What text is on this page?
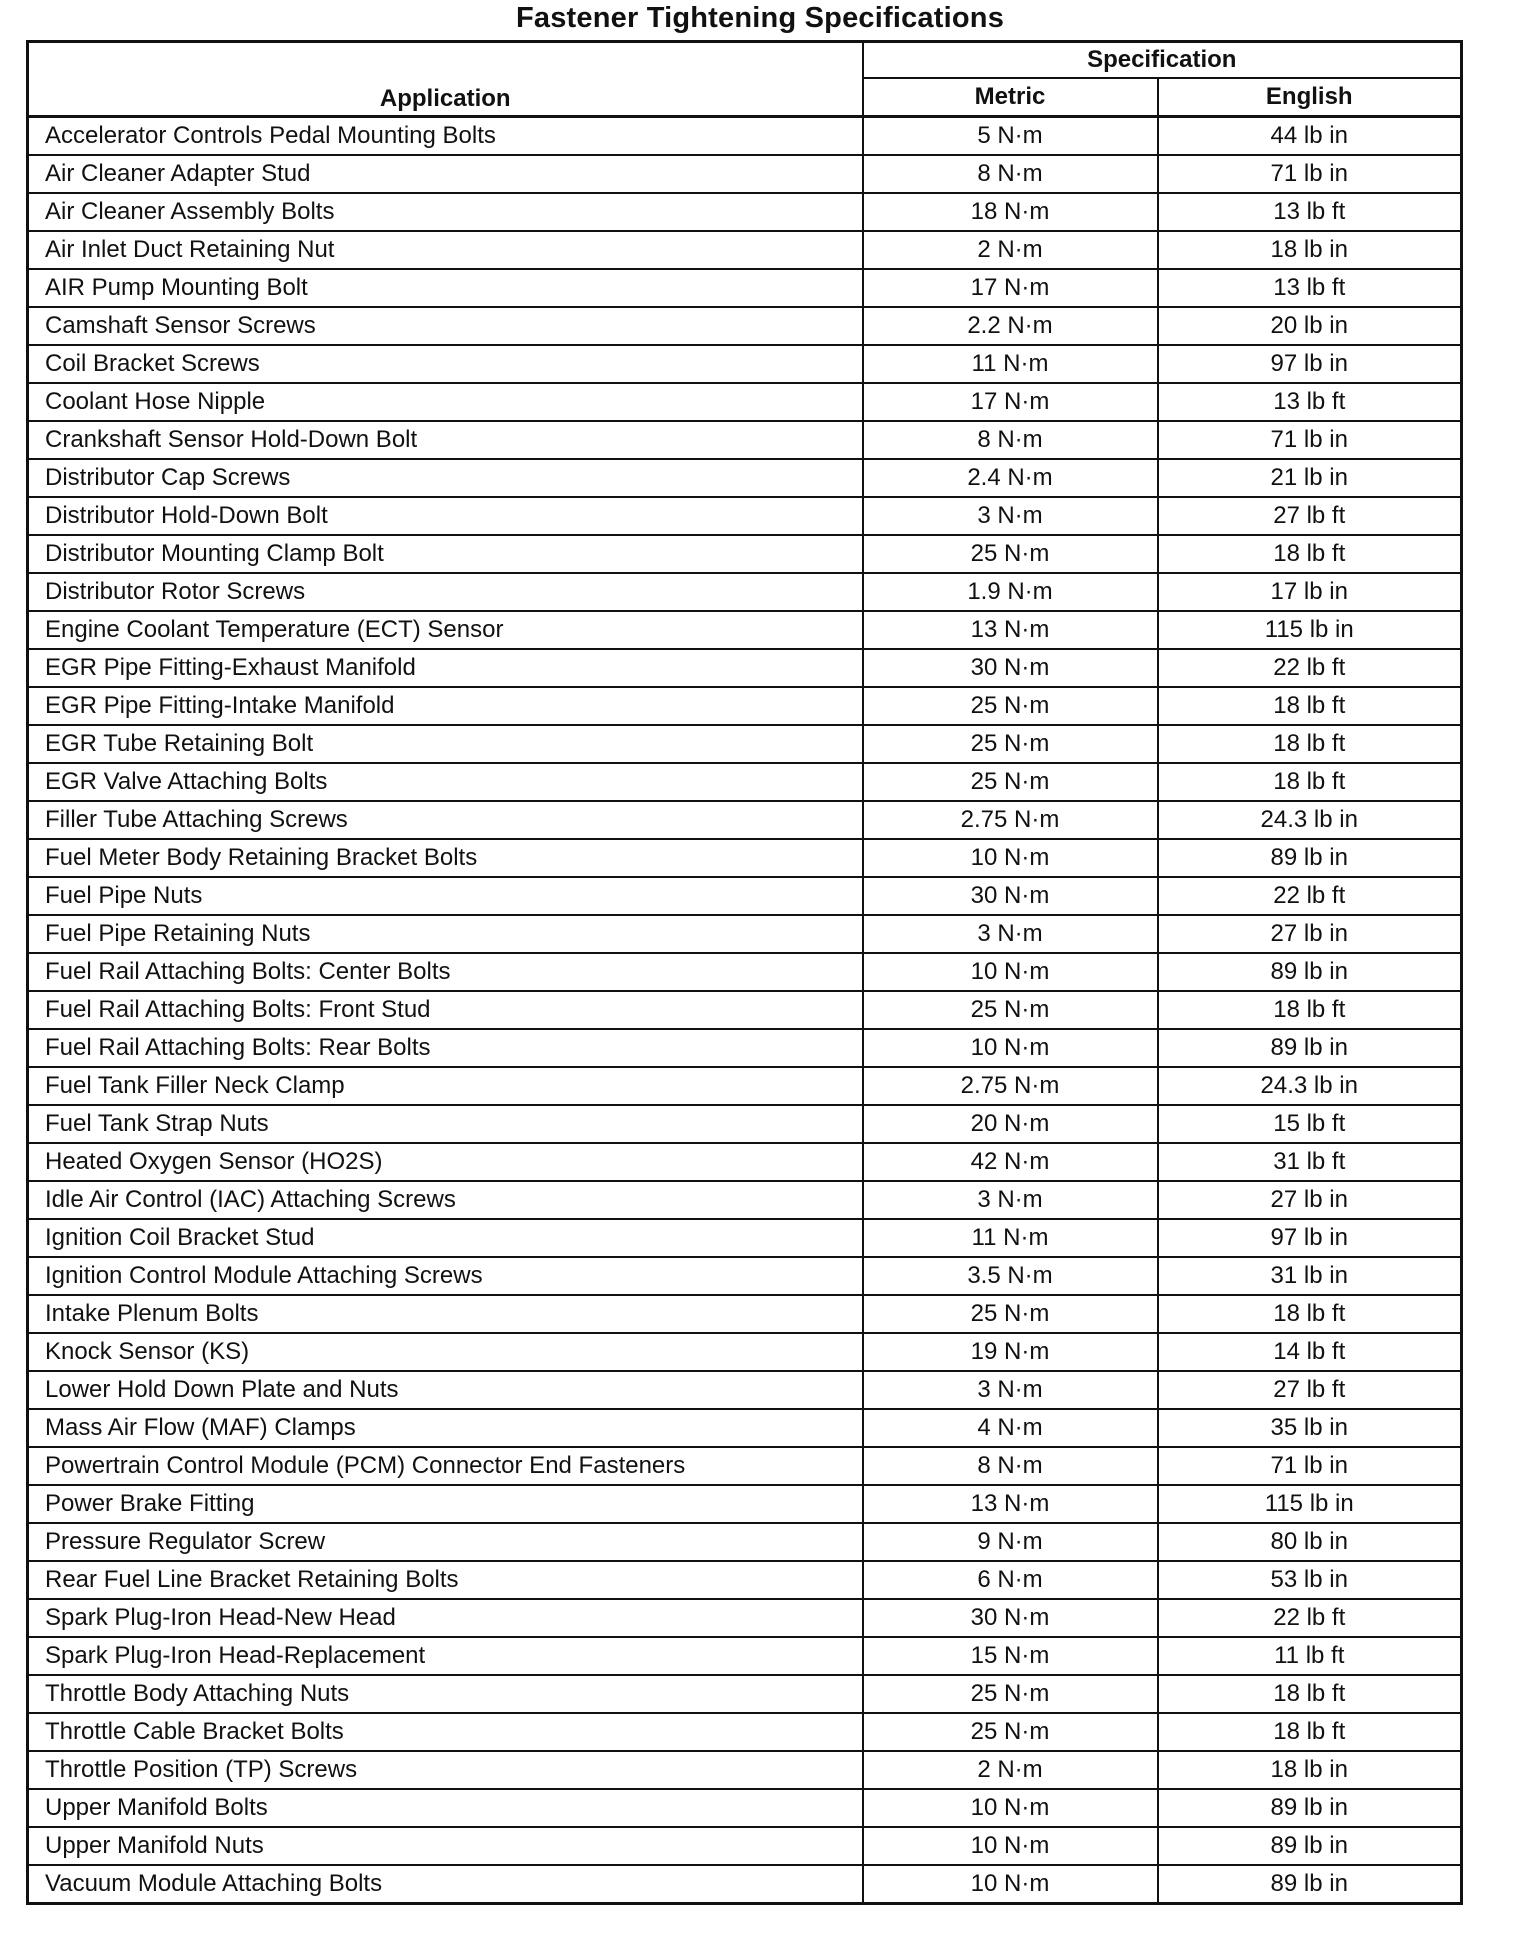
Fastener Tightening Specifications
Application	Specification	
	Metric	English
Accelerator Controls Pedal Mounting Bolts	5 N·m	44 lb in
Air Cleaner Adapter Stud	8 N·m	71 lb in
Air Cleaner Assembly Bolts	18 N·m	13 lb ft
Air Inlet Duct Retaining Nut	2 N·m	18 lb in
AIR Pump Mounting Bolt	17 N·m	13 lb ft
Camshaft Sensor Screws	2.2 N·m	20 lb in
Coil Bracket Screws	11 N·m	97 lb in
Coolant Hose Nipple	17 N·m	13 lb ft
Crankshaft Sensor Hold-Down Bolt	8 N·m	71 lb in
Distributor Cap Screws	2.4 N·m	21 lb in
Distributor Hold-Down Bolt	3 N·m	27 lb ft
Distributor Mounting Clamp Bolt	25 N·m	18 lb ft
Distributor Rotor Screws	1.9 N·m	17 lb in
Engine Coolant Temperature (ECT) Sensor	13 N·m	115 lb in
EGR Pipe Fitting-Exhaust Manifold	30 N·m	22 lb ft
EGR Pipe Fitting-Intake Manifold	25 N·m	18 lb ft
EGR Tube Retaining Bolt	25 N·m	18 lb ft
EGR Valve Attaching Bolts	25 N·m	18 lb ft
Filler Tube Attaching Screws	2.75 N·m	24.3 lb in
Fuel Meter Body Retaining Bracket Bolts	10 N·m	89 lb in
Fuel Pipe Nuts	30 N·m	22 lb ft
Fuel Pipe Retaining Nuts	3 N·m	27 lb in
Fuel Rail Attaching Bolts: Center Bolts	10 N·m	89 lb in
Fuel Rail Attaching Bolts: Front Stud	25 N·m	18 lb ft
Fuel Rail Attaching Bolts: Rear Bolts	10 N·m	89 lb in
Fuel Tank Filler Neck Clamp	2.75 N·m	24.3 lb in
Fuel Tank Strap Nuts	20 N·m	15 lb ft
Heated Oxygen Sensor (HO2S)	42 N·m	31 lb ft
Idle Air Control (IAC) Attaching Screws	3 N·m	27 lb in
Ignition Coil Bracket Stud	11 N·m	97 lb in
Ignition Control Module Attaching Screws	3.5 N·m	31 lb in
Intake Plenum Bolts	25 N·m	18 lb ft
Knock Sensor (KS)	19 N·m	14 lb ft
Lower Hold Down Plate and Nuts	3 N·m	27 lb ft
Mass Air Flow (MAF) Clamps	4 N·m	35 lb in
Powertrain Control Module (PCM) Connector End Fasteners	8 N·m	71 lb in
Power Brake Fitting	13 N·m	115 lb in
Pressure Regulator Screw	9 N·m	80 lb in
Rear Fuel Line Bracket Retaining Bolts	6 N·m	53 lb in
Spark Plug-Iron Head-New Head	30 N·m	22 lb ft
Spark Plug-Iron Head-Replacement	15 N·m	11 lb ft
Throttle Body Attaching Nuts	25 N·m	18 lb ft
Throttle Cable Bracket Bolts	25 N·m	18 lb ft
Throttle Position (TP) Screws	2 N·m	18 lb in
Upper Manifold Bolts	10 N·m	89 lb in
Upper Manifold Nuts	10 N·m	89 lb in
Vacuum Module Attaching Bolts	10 N·m	89 lb in
